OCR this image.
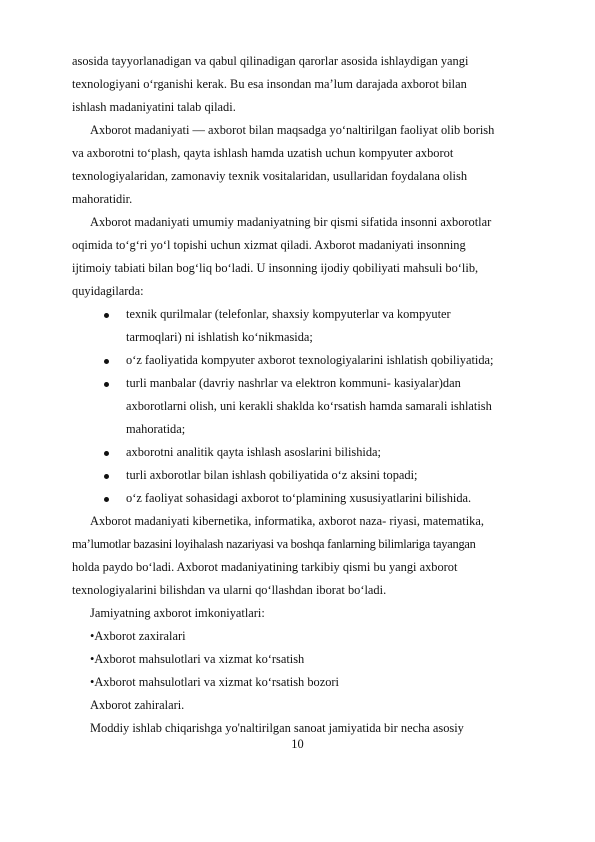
asosida tayyorlanadigan va qabul qilinadigan qarorlar asosida ishlaydigan yangi
texnologiyani o‘rganishi kerak. Bu esa insondan ma’lum darajada axborot bilan
ishlash madaniyatini talab qiladi.
Axborot madaniyati — axborot bilan maqsadga yo‘naltirilgan faoliyat olib borish
va axborotni to‘plash, qayta ishlash hamda uzatish uchun kompyuter axborot
texnologiyalaridan, zamonaviy texnik vositalaridan, usullaridan foydalana olish
mahoratidir.
Axborot madaniyati umumiy madaniyatning bir qismi sifatida insonni axborotlar
oqimida to‘g‘ri yo‘l topishi uchun xizmat qiladi. Axborot madaniyati insonning
ijtimoiy tabiati bilan bog‘liq bo‘ladi. U insonning ijodiy qobiliyati mahsuli bo‘lib,
quyidagilarda:
texnik qurilmalar (telefonlar, shaxsiy kompyuterlar va kompyuter
tarmoqlari) ni ishlatish ko‘nikmasida;
o‘z faoliyatida kompyuter axborot texnologiyalarini ishlatish qobiliyatida;
turli manbalar (davriy nashrlar va elektron kommuni- kasiyalar)dan
axborotlarni olish, uni kerakli shaklda ko‘rsatish hamda samarali ishlatish
mahoratida;
axborotni analitik qayta ishlash asoslarini bilishida;
turli axborotlar bilan ishlash qobiliyatida o‘z aksini topadi;
o‘z faoliyat sohasidagi axborot to‘plamining xususiyatlarini bilishida.
Axborot madaniyati kibernetika, informatika, axborot naza- riyasi, matematika,
ma’lumotlar bazasini loyihalash nazariyasi va boshqa fanlarning bilimlariga tayangan
holda paydo bo‘ladi. Axborot madaniyatining tarkibiy qismi bu yangi axborot
texnologiyalarini bilishdan va ularni qo‘llashdan iborat bo‘ladi.
Jamiyatning axborot imkoniyatlari:
•Axborot zaxiralari
•Axborot mahsulotlari va xizmat ko‘rsatish
•Axborot mahsulotlari va xizmat ko‘rsatish bozori
Axborot zahiralari.
Moddiy ishlab chiqarishga yo'naltirilgan sanoat jamiyatida bir necha asosiy
10
